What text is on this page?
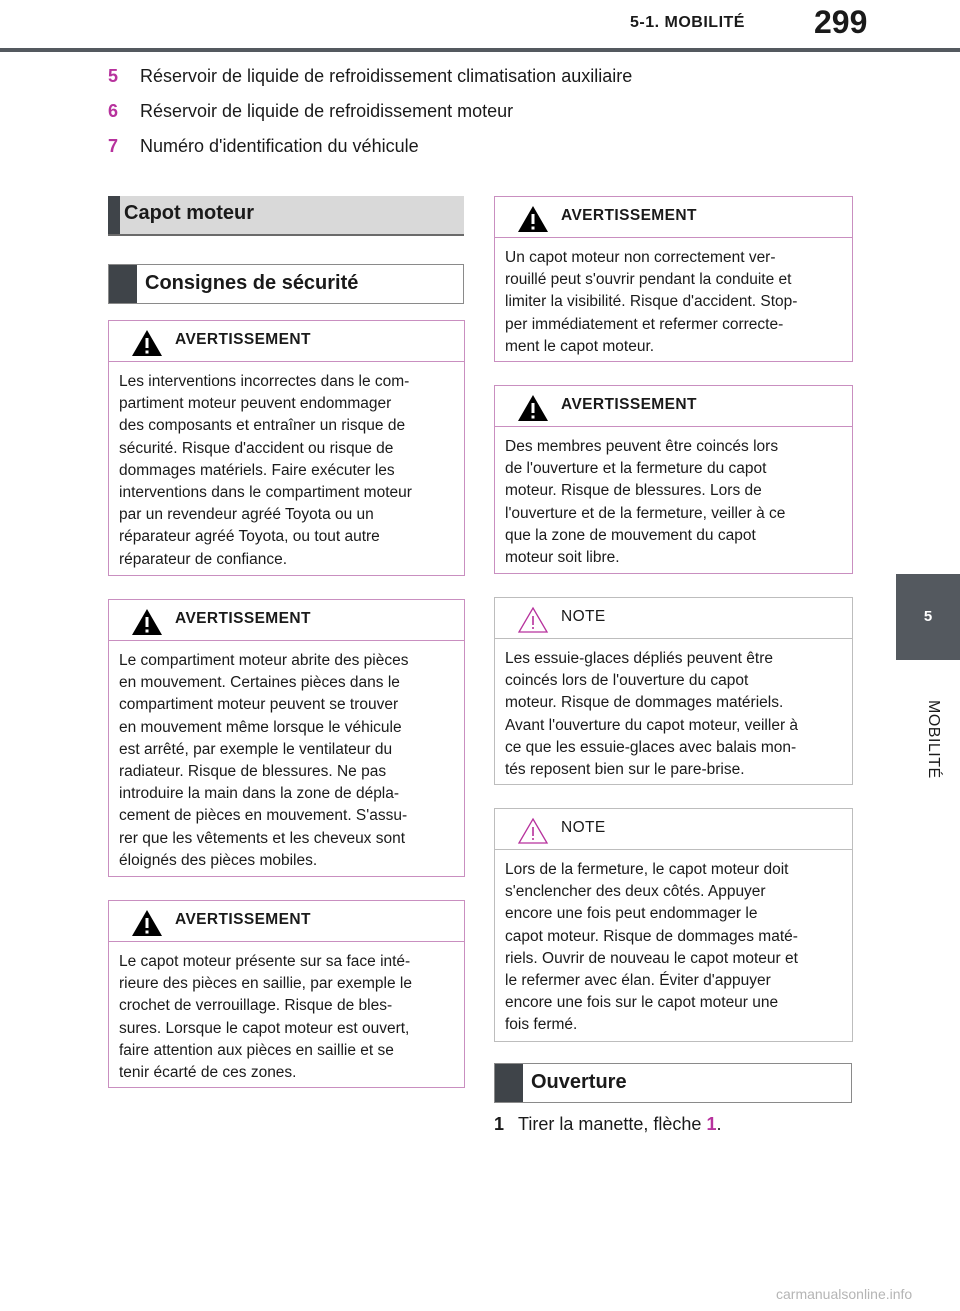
5-1. MOBILITÉ 299
5
MOBILITÉ
5 Réservoir de liquide de refroidissement climatisation auxiliaire
6 Réservoir de liquide de refroidissement moteur
7 Numéro d'identification du véhicule
Capot moteur
Consignes de sécurité
Ouverture
AVERTISSEMENT
Les interventions incorrectes dans le com-
partiment moteur peuvent endommager
des composants et entraîner un risque de
sécurité. Risque d'accident ou risque de
dommages matériels. Faire exécuter les
interventions dans le compartiment moteur
par un revendeur agréé Toyota ou un
réparateur agréé Toyota, ou tout autre
réparateur de confiance.
AVERTISSEMENT
Le compartiment moteur abrite des pièces
en mouvement. Certaines pièces dans le
compartiment moteur peuvent se trouver
en mouvement même lorsque le véhicule
est arrêté, par exemple le ventilateur du
radiateur. Risque de blessures. Ne pas
introduire la main dans la zone de dépla-
cement de pièces en mouvement. S'assu-
rer que les vêtements et les cheveux sont
éloignés des pièces mobiles.
AVERTISSEMENT
Le capot moteur présente sur sa face inté-
rieure des pièces en saillie, par exemple le
crochet de verrouillage. Risque de bles-
sures. Lorsque le capot moteur est ouvert,
faire attention aux pièces en saillie et se
tenir écarté de ces zones.
AVERTISSEMENT
Un capot moteur non correctement ver-
rouillé peut s'ouvrir pendant la conduite et
limiter la visibilité. Risque d'accident. Stop-
per immédiatement et refermer correcte-
ment le capot moteur.
AVERTISSEMENT
Des membres peuvent être coincés lors
de l'ouverture et la fermeture du capot
moteur. Risque de blessures. Lors de
l'ouverture et de la fermeture, veiller à ce
que la zone de mouvement du capot
moteur soit libre.
NOTE
Les essuie-glaces dépliés peuvent être
coincés lors de l'ouverture du capot
moteur. Risque de dommages matériels.
Avant l'ouverture du capot moteur, veiller à
ce que les essuie-glaces avec balais mon-
tés reposent bien sur le pare-brise.
NOTE
Lors de la fermeture, le capot moteur doit
s'enclencher des deux côtés. Appuyer
encore une fois peut endommager le
capot moteur. Risque de dommages maté-
riels. Ouvrir de nouveau le capot moteur et
le refermer avec élan. Éviter d'appuyer
encore une fois sur le capot moteur une
fois fermé.
1 Tirer la manette, flèche 1.
carmanualsonline.info
